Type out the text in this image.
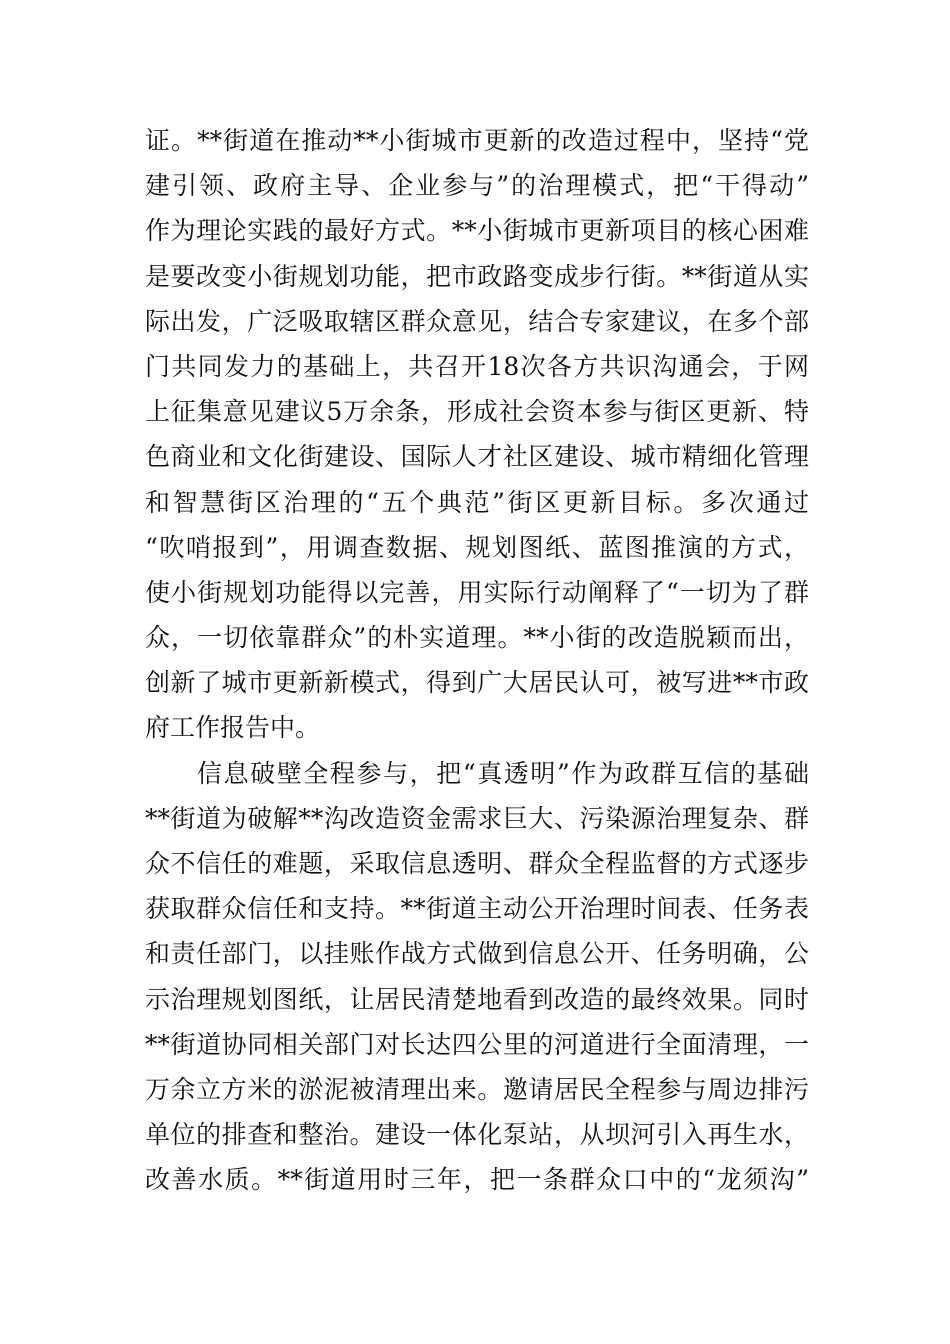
证。**街道在推动**小街城市更新的改造过程中，坚持“党
建引领、政府主导、企业参与”的治理模式，把“干得动”
作为理论实践的最好方式。**小街城市更新项目的核心困难
是要改变小街规划功能，把市政路变成步行街。**街道从实
际出发，广泛吸取辖区群众意见，结合专家建议，在多个部
门共同发力的基础上，共召开18次各方共识沟通会，于网
上征集意见建议5万余条，形成社会资本参与街区更新、特
色商业和文化街建设、国际人才社区建设、城市精细化管理
和智慧街区治理的“五个典范”街区更新目标。多次通过
“吹哨报到”，用调查数据、规划图纸、蓝图推演的方式，
使小街规划功能得以完善，用实际行动阐释了“一切为了群
众，一切依靠群众”的朴实道理。**小街的改造脱颖而出，
创新了城市更新新模式，得到广大居民认可，被写进**市政
府工作报告中。
信息破壁全程参与，把“真透明”作为政群互信的基础
**街道为破解**沟改造资金需求巨大、污染源治理复杂、群
众不信任的难题，采取信息透明、群众全程监督的方式逐步
获取群众信任和支持。**街道主动公开治理时间表、任务表
和责任部门，以挂账作战方式做到信息公开、任务明确，公
示治理规划图纸，让居民清楚地看到改造的最终效果。同时
**街道协同相关部门对长达四公里的河道进行全面清理，一
万余立方米的淤泥被清理出来。邀请居民全程参与周边排污
单位的排查和整治。建设一体化泵站，从坝河引入再生水，
改善水质。**街道用时三年，把一条群众口中的“龙须沟”
